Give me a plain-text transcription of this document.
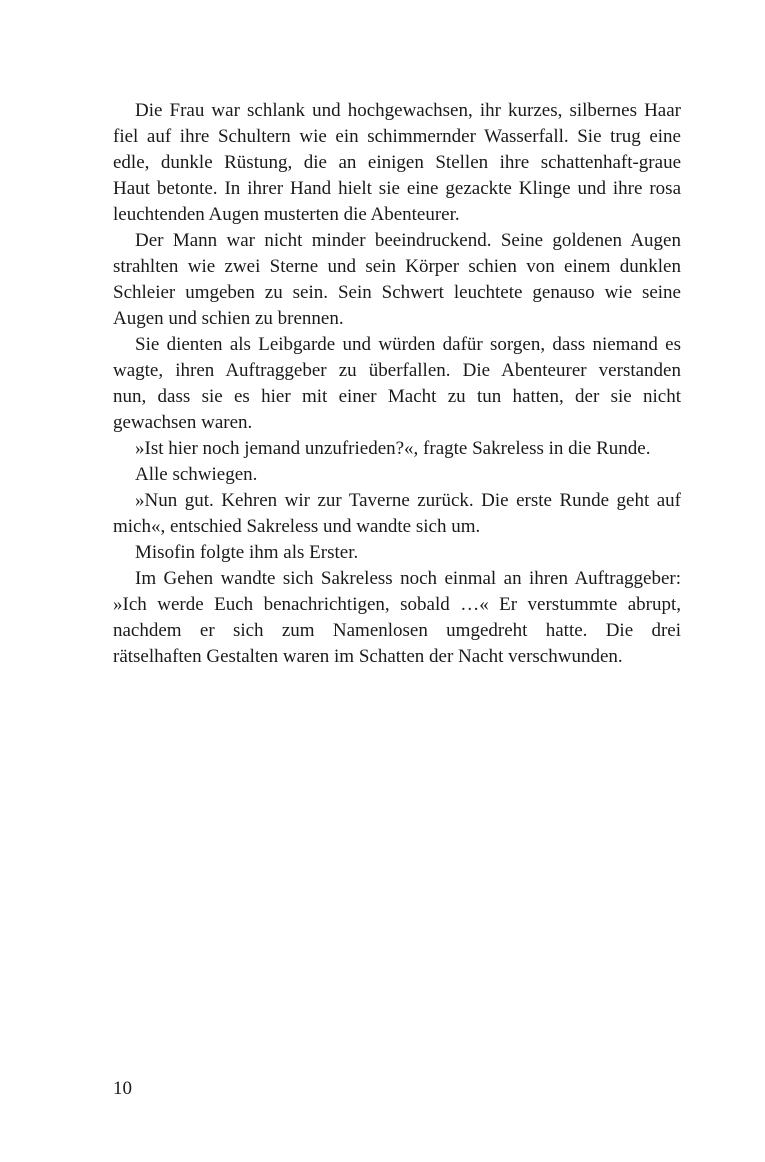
Die Frau war schlank und hochgewachsen, ihr kurzes, silbernes Haar
fiel auf ihre Schultern wie ein schimmernder Wasserfall. Sie trug eine
edle, dunkle Rüstung, die an einigen Stellen ihre schattenhaft-graue
Haut betonte. In ihrer Hand hielt sie eine gezackte Klinge und ihre rosa
leuchtenden Augen musterten die Abenteurer.
Der Mann war nicht minder beeindruckend. Seine goldenen Augen
strahlten wie zwei Sterne und sein Körper schien von einem dunklen
Schleier umgeben zu sein. Sein Schwert leuchtete genauso wie seine
Augen und schien zu brennen.
Sie dienten als Leibgarde und würden dafür sorgen, dass niemand es
wagte, ihren Auftraggeber zu überfallen. Die Abenteurer verstanden
nun, dass sie es hier mit einer Macht zu tun hatten, der sie nicht
gewachsen waren.
»Ist hier noch jemand unzufrieden?«, fragte Sakreless in die Runde.
Alle schwiegen.
»Nun gut. Kehren wir zur Taverne zurück. Die erste Runde geht auf
mich«, entschied Sakreless und wandte sich um.
Misofin folgte ihm als Erster.
Im Gehen wandte sich Sakreless noch einmal an ihren Auftraggeber:
»Ich werde Euch benachrichtigen, sobald …« Er verstummte abrupt,
nachdem er sich zum Namenlosen umgedreht hatte. Die drei
rätselhaften Gestalten waren im Schatten der Nacht verschwunden.
10
